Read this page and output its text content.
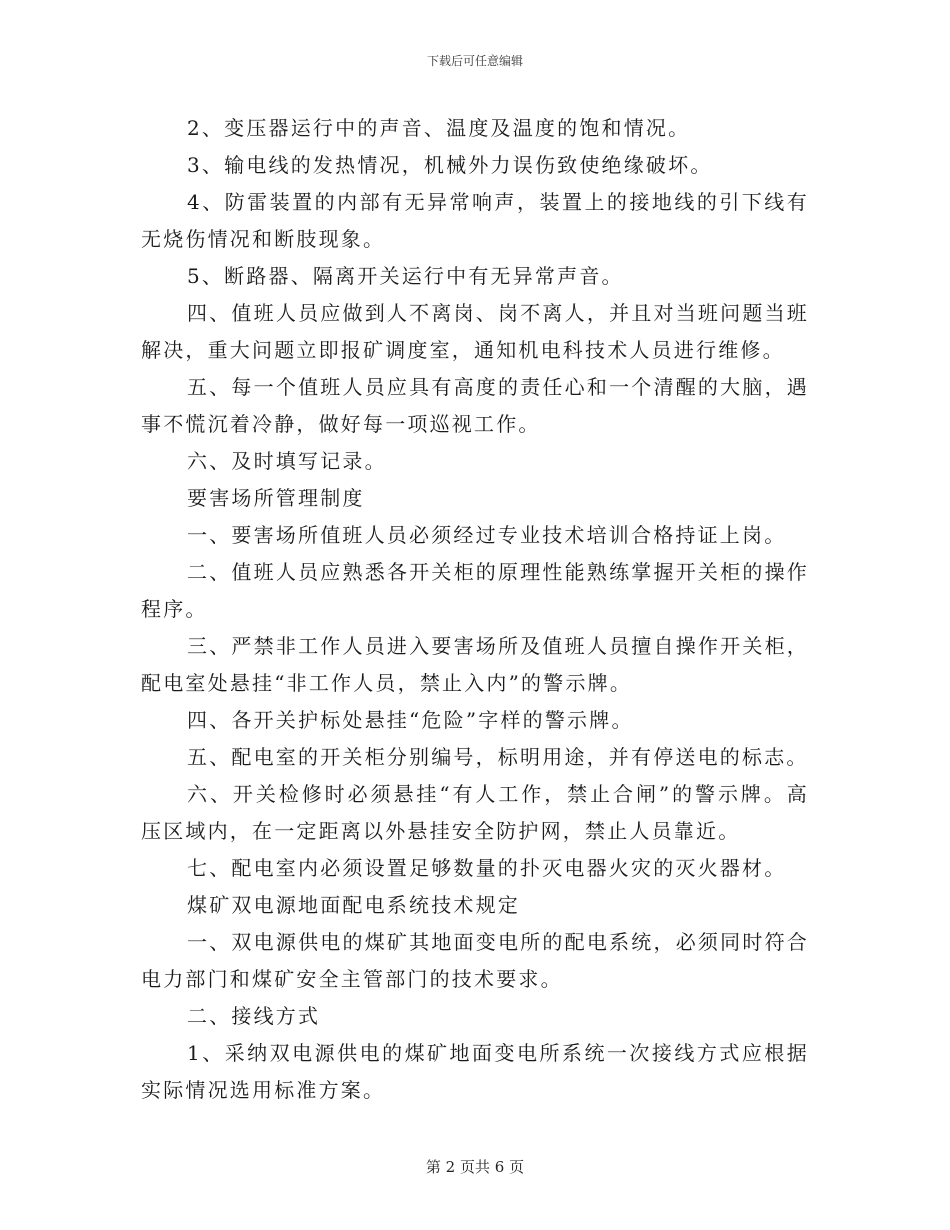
下载后可任意编辑

2、变压器运行中的声音、温度及温度的饱和情况。

3、输电线的发热情况，机械外力误伤致使绝缘破坏。

4、防雷装置的内部有无异常响声，装置上的接地线的引下线有无烧伤情况和断肢现象。

5、断路器、隔离开关运行中有无异常声音。

四、值班人员应做到人不离岗、岗不离人，并且对当班问题当班解决，重大问题立即报矿调度室，通知机电科技术人员进行维修。

五、每一个值班人员应具有高度的责任心和一个清醒的大脑，遇事不慌沉着冷静，做好每一项巡视工作。

六、及时填写记录。

要害场所管理制度

一、要害场所值班人员必须经过专业技术培训合格持证上岗。

二、值班人员应熟悉各开关柜的原理性能熟练掌握开关柜的操作程序。

三、严禁非工作人员进入要害场所及值班人员擅自操作开关柜，配电室处悬挂“非工作人员，禁止入内”的警示牌。

四、各开关护标处悬挂“危险”字样的警示牌。

五、配电室的开关柜分别编号，标明用途，并有停送电的标志。

六、开关检修时必须悬挂“有人工作，禁止合闸”的警示牌。高压区域内，在一定距离以外悬挂安全防护网，禁止人员靠近。

七、配电室内必须设置足够数量的扑灭电器火灾的灭火器材。

煤矿双电源地面配电系统技术规定

一、双电源供电的煤矿其地面变电所的配电系统，必须同时符合电力部门和煤矿安全主管部门的技术要求。

二、接线方式

1、采纳双电源供电的煤矿地面变电所系统一次接线方式应根据实际情况选用标准方案。

第 2 页共 6 页
